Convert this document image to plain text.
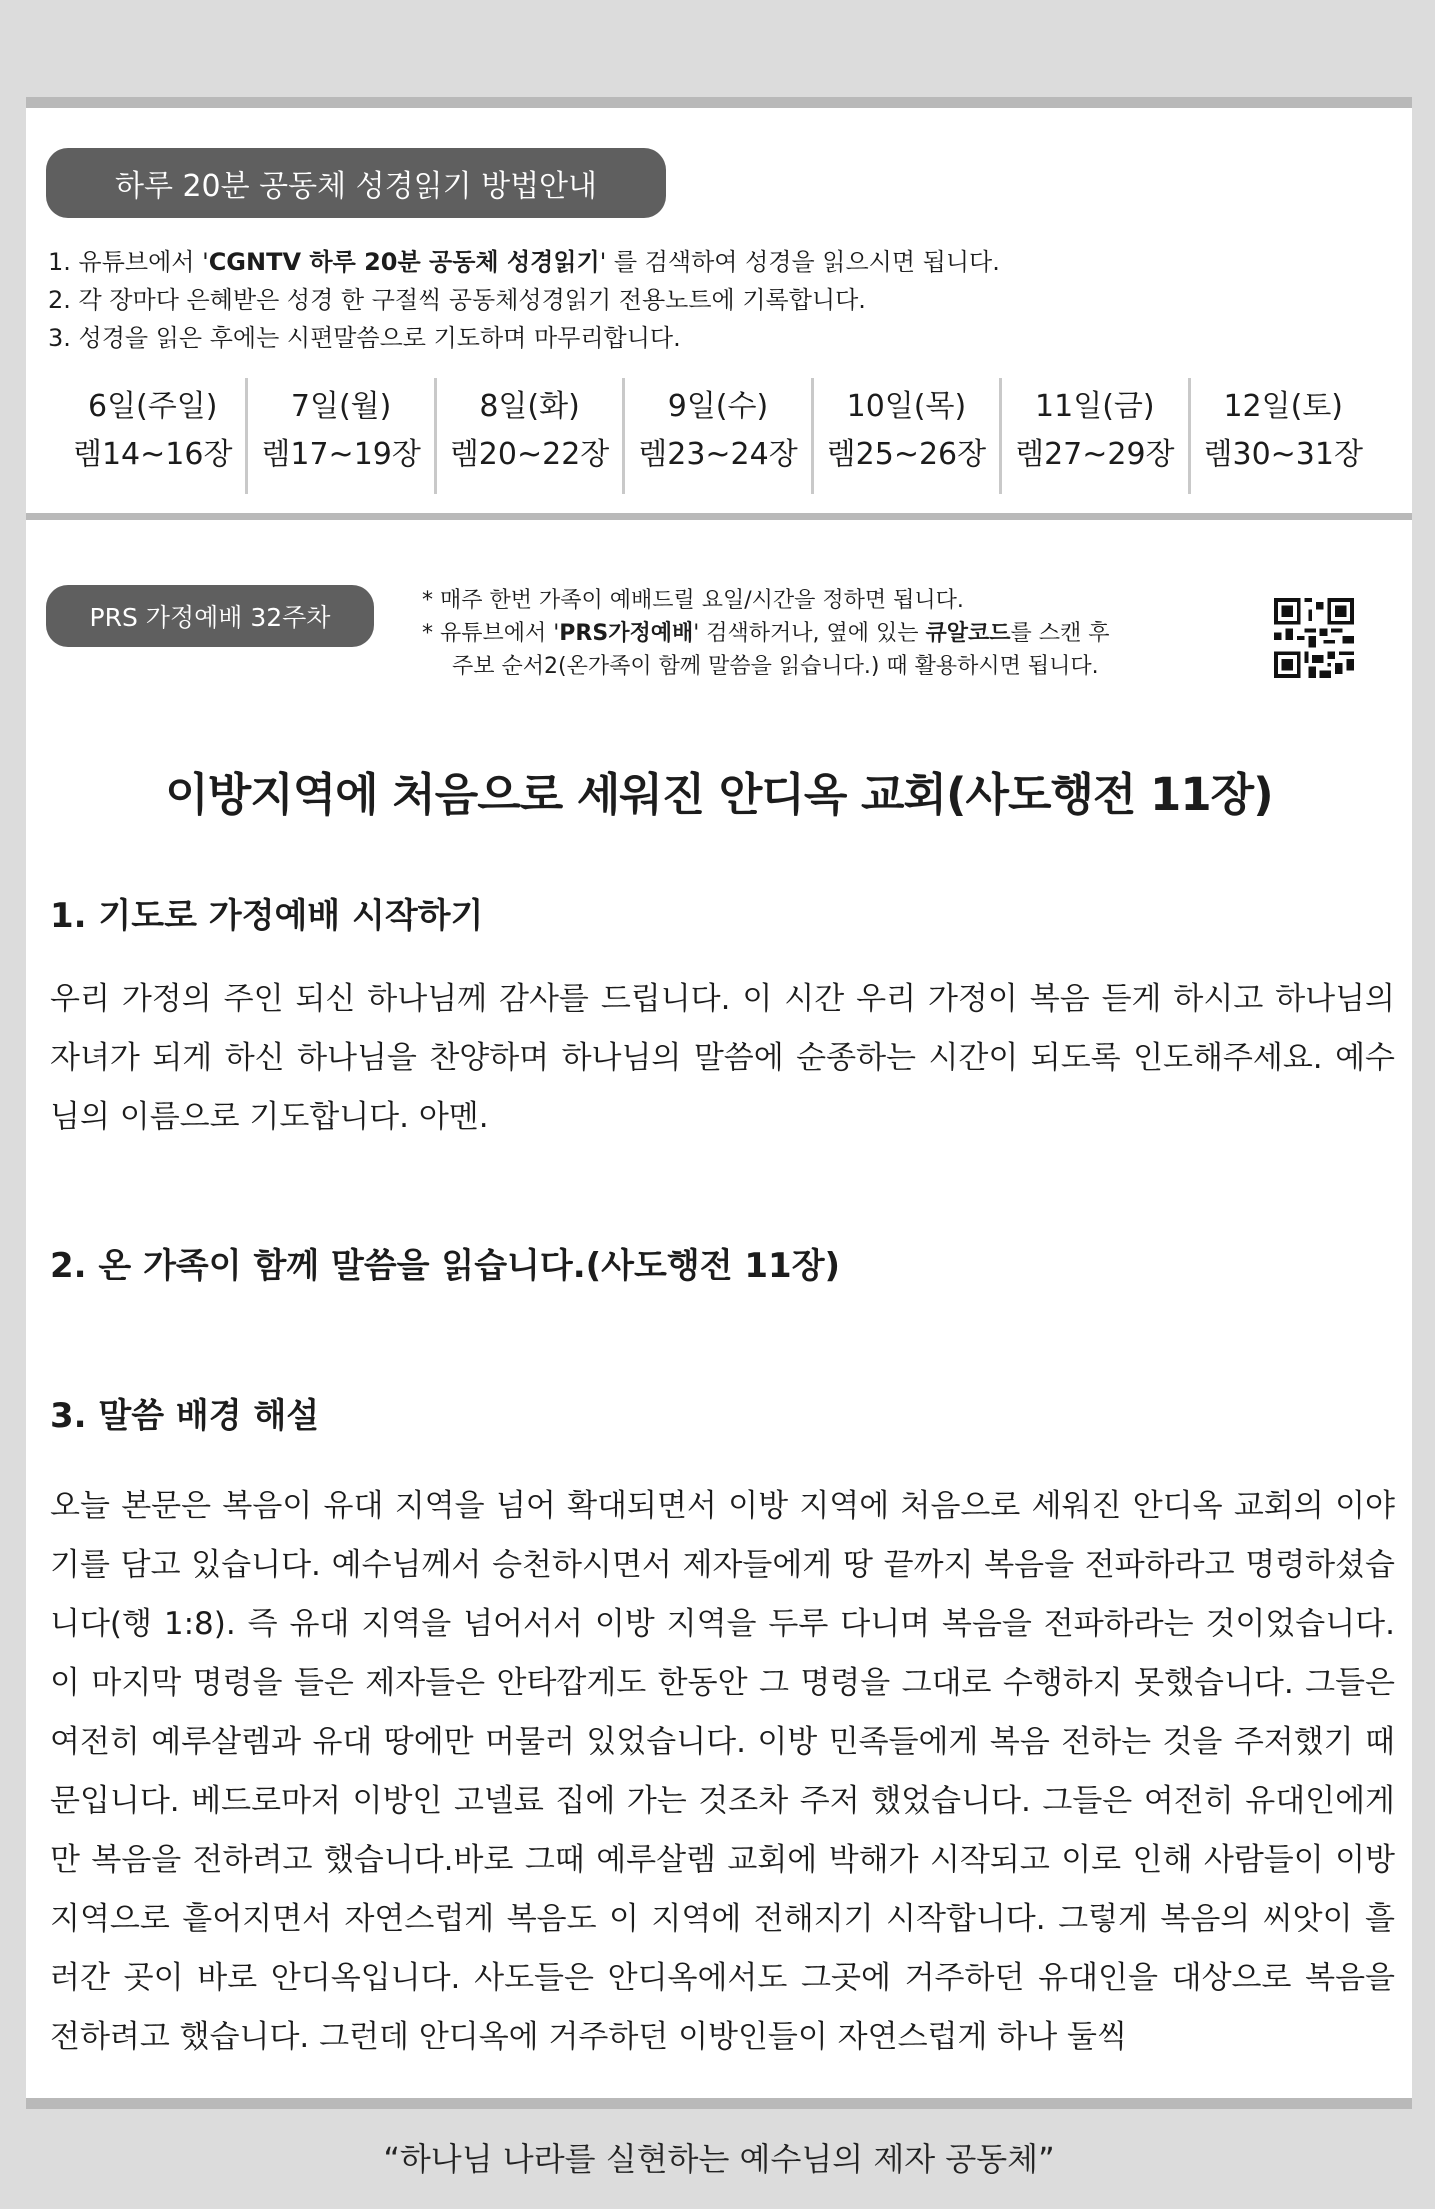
하루 20분 공동체 성경읽기 방법안내
1. 유튜브에서 'CGNTV 하루 20분 공동체 성경읽기' 를 검색하여 성경을 읽으시면 됩니다.
2. 각 장마다 은혜받은 성경 한 구절씩 공동체성경읽기 전용노트에 기록합니다.
3. 성경을 읽은 후에는 시편말씀으로 기도하며 마무리합니다.
6일(주일)
렘14~16장
7일(월)
렘17~19장
8일(화)
렘20~22장
9일(수)
렘23~24장
10일(목)
렘25~26장
11일(금)
렘27~29장
12일(토)
렘30~31장
PRS 가정예배 32주차
* 매주 한번 가족이 예배드릴 요일/시간을 정하면 됩니다.
* 유튜브에서 'PRS가정예배' 검색하거나, 옆에 있는 큐알코드를 스캔 후
주보 순서2(온가족이 함께 말씀을 읽습니다.) 때 활용하시면 됩니다.
이방지역에 처음으로 세워진 안디옥 교회(사도행전 11장)
1. 기도로 가정예배 시작하기
우리 가정의 주인 되신 하나님께 감사를 드립니다. 이 시간 우리 가정이 복음 듣게 하시고 하나님의 자녀가 되게 하신 하나님을 찬양하며 하나님의 말씀에 순종하는 시간이 되도록 인도해주세요. 예수님의 이름으로 기도합니다. 아멘.
2. 온 가족이 함께 말씀을 읽습니다.(사도행전 11장)
3. 말씀 배경 해설
오늘 본문은 복음이 유대 지역을 넘어 확대되면서 이방 지역에 처음으로 세워진 안디옥 교회의 이야기를 담고 있습니다. 예수님께서 승천하시면서 제자들에게 땅 끝까지 복음을 전파하라고 명령하셨습니다(행 1:8). 즉 유대 지역을 넘어서서 이방 지역을 두루 다니며 복음을 전파하라는 것이었습니다. 이 마지막 명령을 들은 제자들은 안타깝게도 한동안 그 명령을 그대로 수행하지 못했습니다. 그들은 여전히 예루살렘과 유대 땅에만 머물러 있었습니다. 이방 민족들에게 복음 전하는 것을 주저했기 때문입니다. 베드로마저 이방인 고넬료 집에 가는 것조차 주저 했었습니다. 그들은 여전히 유대인에게만 복음을 전하려고 했습니다.바로 그때 예루살렘 교회에 박해가 시작되고 이로 인해 사람들이 이방지역으로 흩어지면서 자연스럽게 복음도 이 지역에 전해지기 시작합니다. 그렇게 복음의 씨앗이 흘러간 곳이 바로 안디옥입니다. 사도들은 안디옥에서도 그곳에 거주하던 유대인을 대상으로 복음을 전하려고 했습니다. 그런데 안디옥에 거주하던 이방인들이 자연스럽게 하나 둘씩
“하나님 나라를 실현하는 예수님의 제자 공동체”
